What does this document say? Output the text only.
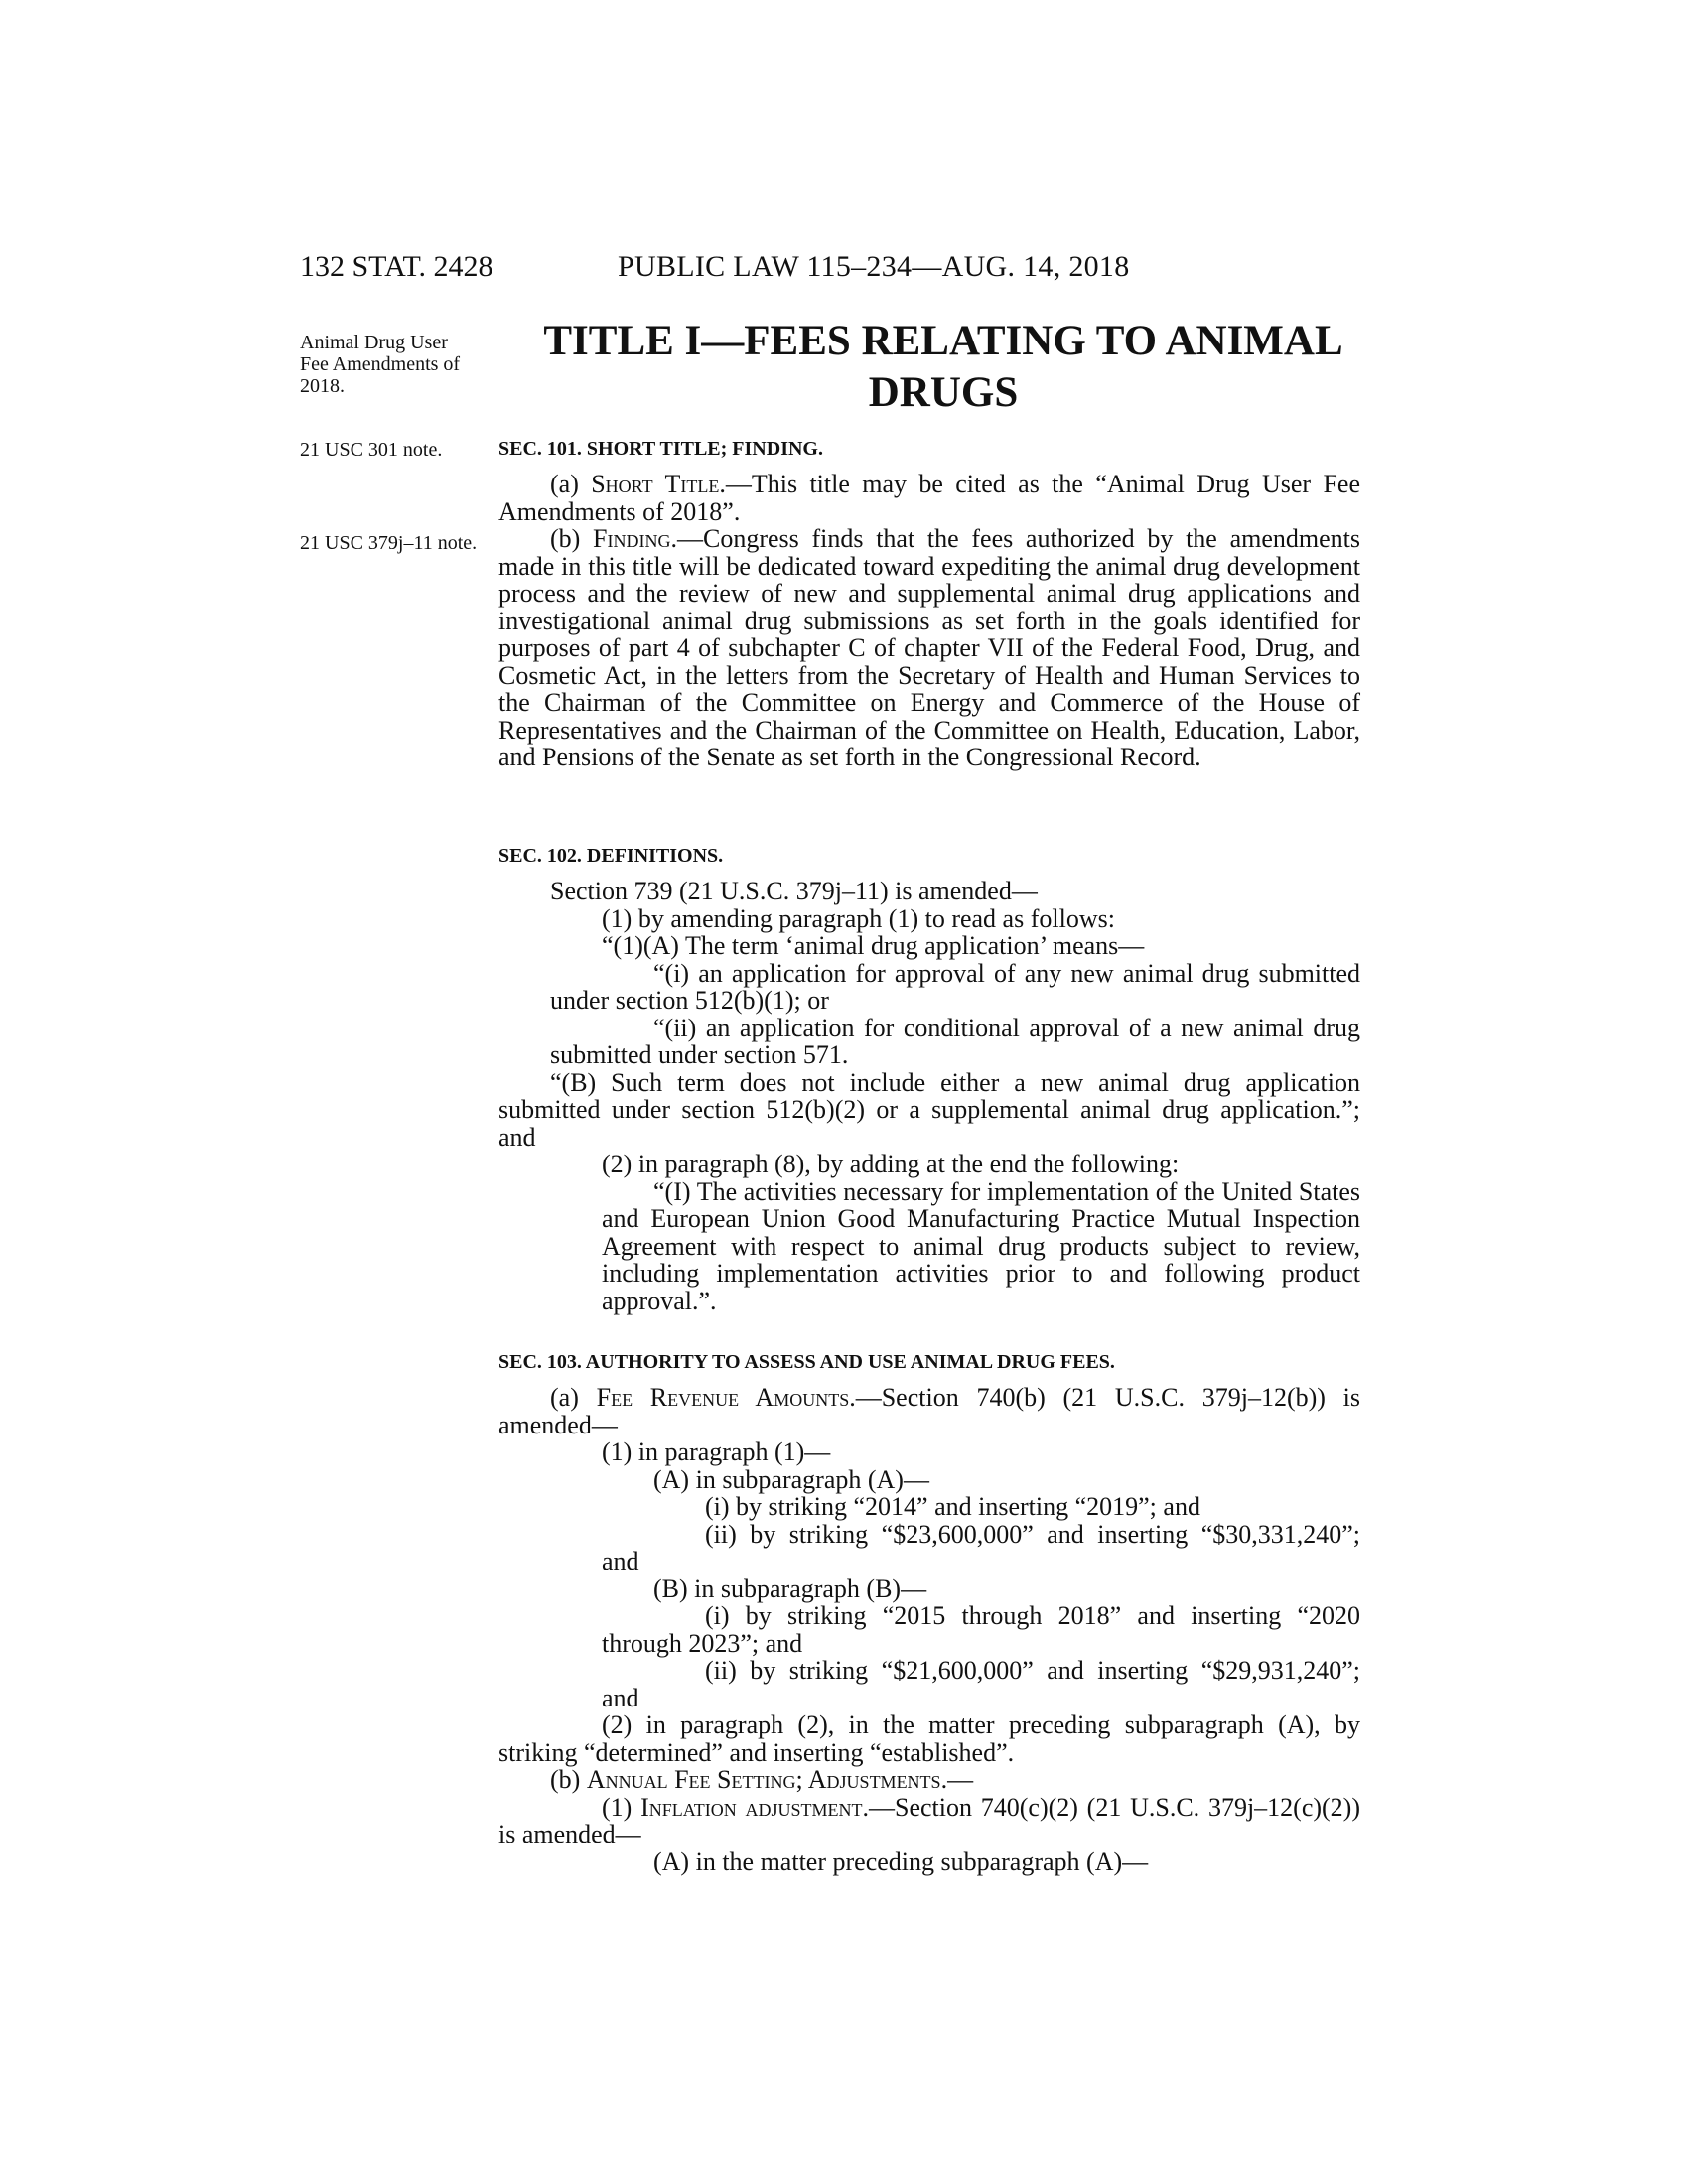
132 STAT. 2428	PUBLIC LAW 115–234—AUG. 14, 2018
TITLE I—FEES RELATING TO ANIMAL
DRUGS
Animal Drug User Fee Amendments of 2018.
21 USC 301 note.
21 USC 379j–11 note.
SEC. 101. SHORT TITLE; FINDING.

(a) Short Title.—This title may be cited as the “Animal Drug User Fee Amendments of 2018”.

(b) Finding.—Congress finds that the fees authorized by the amendments made in this title will be dedicated toward expediting the animal drug development process and the review of new and supplemental animal drug applications and investigational animal drug submissions as set forth in the goals identified for purposes of part 4 of subchapter C of chapter VII of the Federal Food, Drug, and Cosmetic Act, in the letters from the Secretary of Health and Human Services to the Chairman of the Committee on Energy and Commerce of the House of Representatives and the Chairman of the Committee on Health, Education, Labor, and Pensions of the Senate as set forth in the Congressional Record.

SEC. 102. DEFINITIONS.

Section 739 (21 U.S.C. 379j–11) is amended—

(1) by amending paragraph (1) to read as follows:

“(1)(A) The term ‘animal drug application’ means—

“(i) an application for approval of any new animal drug submitted under section 512(b)(1); or

“(ii) an application for conditional approval of a new animal drug submitted under section 571.

“(B) Such term does not include either a new animal drug application submitted under section 512(b)(2) or a supplemental animal drug application.”; and

(2) in paragraph (8), by adding at the end the following:

“(I) The activities necessary for implementation of the United States and European Union Good Manufacturing Practice Mutual Inspection Agreement with respect to animal drug products subject to review, including implementation activities prior to and following product approval.”.

SEC. 103. AUTHORITY TO ASSESS AND USE ANIMAL DRUG FEES.

(a) Fee Revenue Amounts.—Section 740(b) (21 U.S.C. 379j–12(b)) is amended—

(1) in paragraph (1)—

(A) in subparagraph (A)—

(i) by striking “2014” and inserting “2019”; and

(ii) by striking “$23,600,000” and inserting “$30,331,240”; and

(B) in subparagraph (B)—

(i) by striking “2015 through 2018” and inserting “2020 through 2023”; and

(ii) by striking “$21,600,000” and inserting “$29,931,240”; and

(2) in paragraph (2), in the matter preceding subparagraph (A), by striking “determined” and inserting “established”.

(b) Annual Fee Setting; Adjustments.—

(1) Inflation adjustment.—Section 740(c)(2) (21 U.S.C. 379j–12(c)(2)) is amended—

(A) in the matter preceding subparagraph (A)—
